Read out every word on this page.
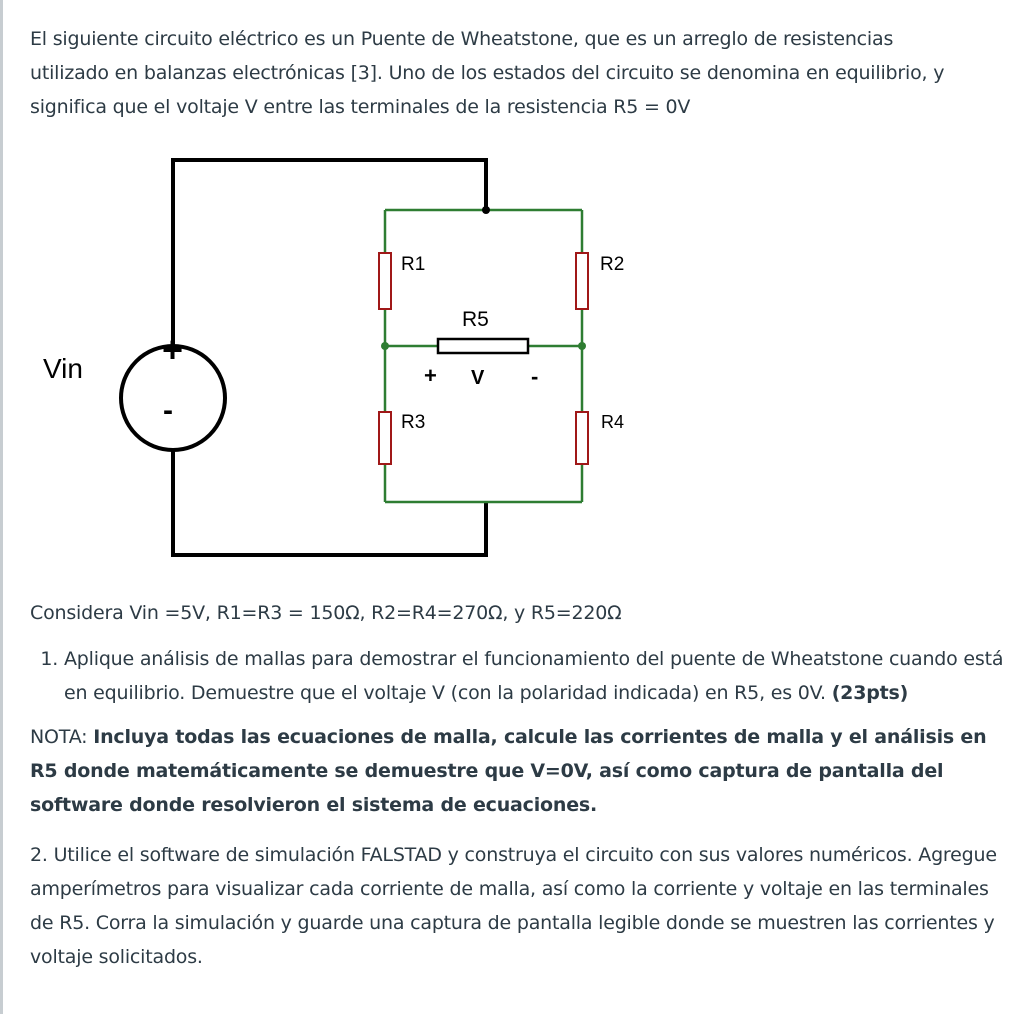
El siguiente circuito eléctrico es un Puente de Wheatstone, que es un arreglo de resistencias
utilizado en balanzas electrónicas [3]. Uno de los estados del circuito se denomina en equilibrio, y
significa que el voltaje V entre las terminales de la resistencia R5 = 0V

+
-
Vin
R1	R2
R3	R4
R5
+ V -

Considera Vin =5V, R1=R3 = 150Ω, R2=R4=270Ω, y R5=220Ω

1. Aplique análisis de mallas para demostrar el funcionamiento del puente de Wheatstone cuando está en equilibrio. Demuestre que el voltaje V (con la polaridad indicada) en R5, es 0V. (23pts)

NOTA: Incluya todas las ecuaciones de malla, calcule las corrientes de malla y el análisis en R5 donde matemáticamente se demuestre que V=0V, así como captura de pantalla del software donde resolvieron el sistema de ecuaciones.

2. Utilice el software de simulación FALSTAD y construya el circuito con sus valores numéricos. Agregue amperímetros para visualizar cada corriente de malla, así como la corriente y voltaje en las terminales de R5. Corra la simulación y guarde una captura de pantalla legible donde se muestren las corrientes y voltaje solicitados.
